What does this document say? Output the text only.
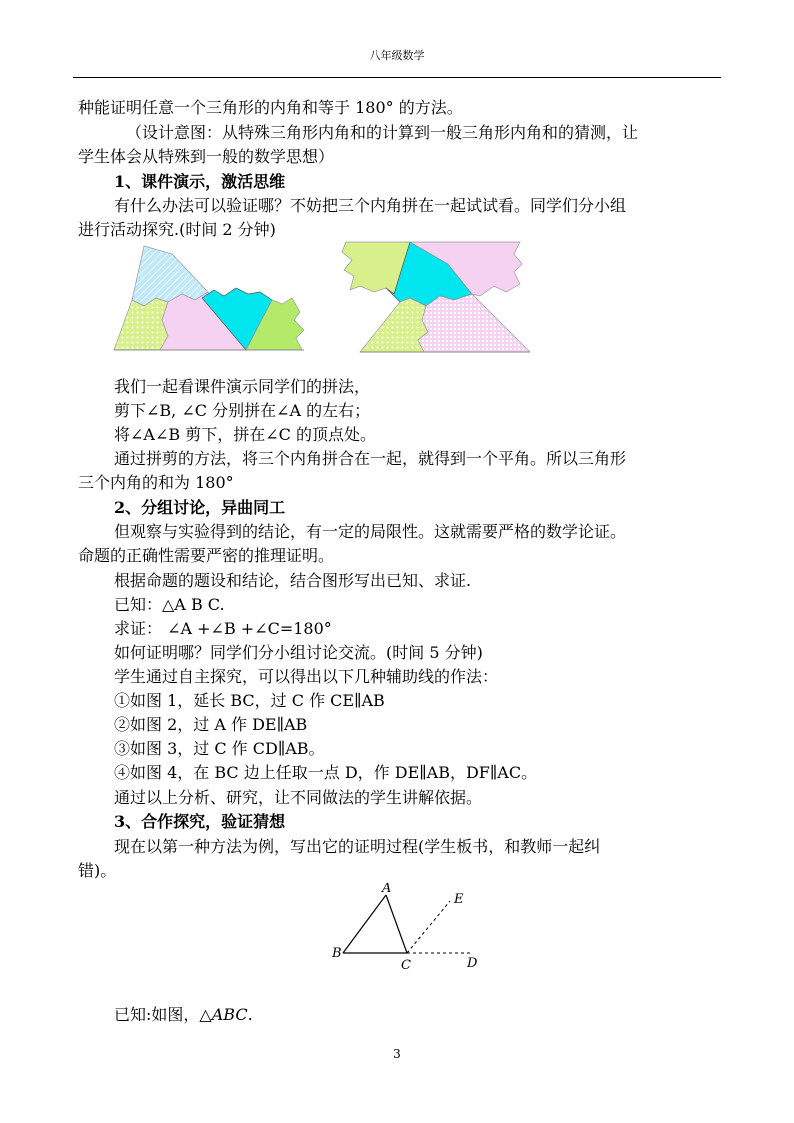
八年级数学
种能证明任意一个三角形的内角和等于 180° 的方法。
（设计意图：从特殊三角形内角和的计算到一般三角形内角和的猜测，让
学生体会从特殊到一般的数学思想）
1、课件演示，激活思维
有什么办法可以验证哪？不妨把三个内角拼在一起试试看。同学们分小组
进行活动探究.(时间 2 分钟)
我们一起看课件演示同学们的拼法，
剪下∠B, ∠C 分别拼在∠A 的左右；
将∠A∠B 剪下，拼在∠C 的顶点处。
通过拼剪的方法，将三个内角拼合在一起，就得到一个平角。所以三角形
三个内角的和为 180°
2、分组讨论，异曲同工
但观察与实验得到的结论，有一定的局限性。这就需要严格的数学论证。
命题的正确性需要严密的推理证明。
根据命题的题设和结论，结合图形写出已知、求证.
已知：△A B C.
求证： ∠A +∠B +∠C=180°
如何证明哪？同学们分小组讨论交流。(时间 5 分钟)
学生通过自主探究，可以得出以下几种辅助线的作法：
①如图 1，延长 BC，过 C 作 CE∥AB
②如图 2，过 A 作 DE∥AB
③如图 3，过 C 作 CD∥AB。
④如图 4，在 BC 边上任取一点 D，作 DE∥AB，DF∥AC。
通过以上分析、研究，让不同做法的学生讲解依据。
3、合作探究，验证猜想
现在以第一种方法为例，写出它的证明过程(学生板书，和教师一起纠
错)。
A
B
C	D
E
已知:如图，△ABC.
3
